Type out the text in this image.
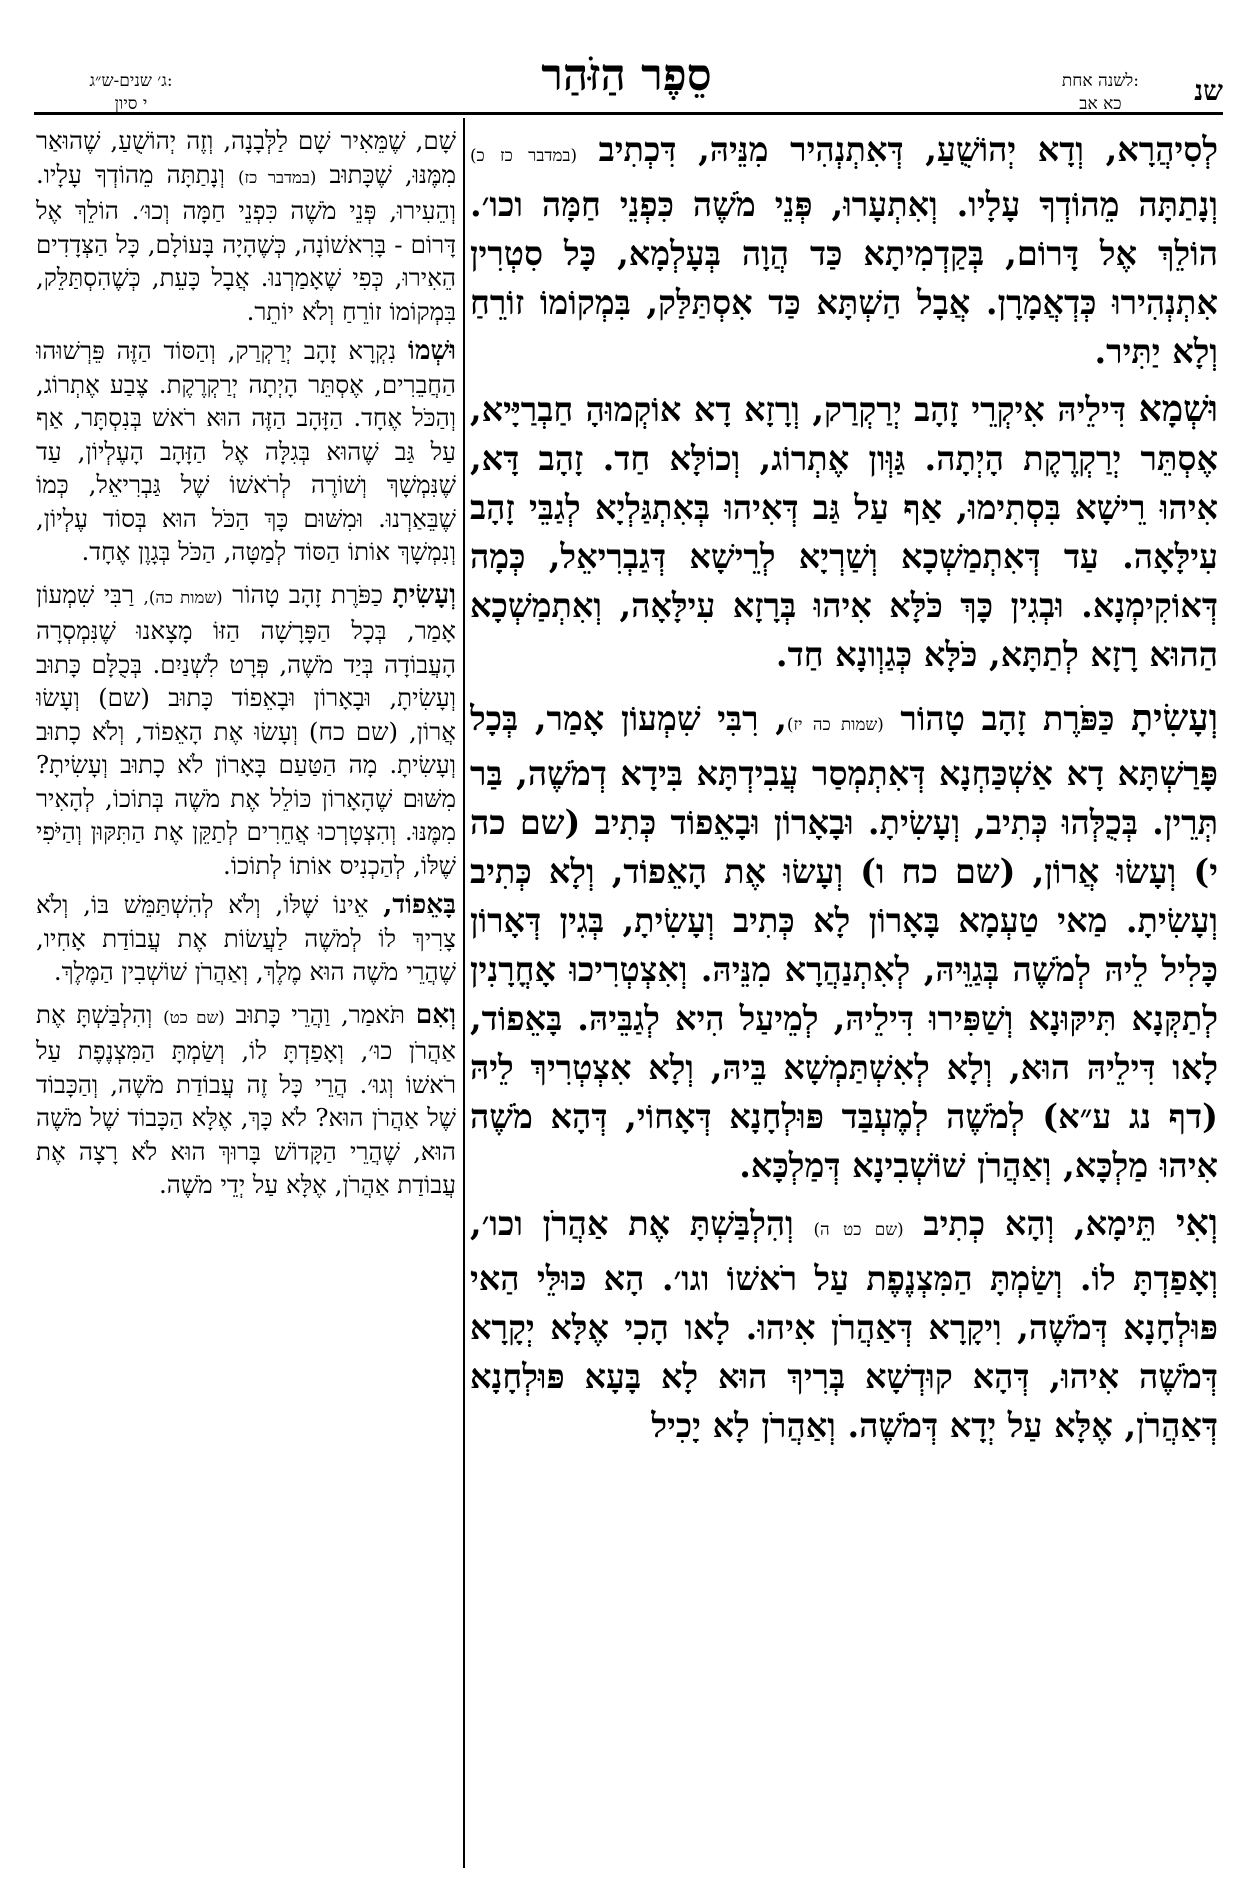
שנ
לשנה אחת:
כא אב
סֵפֶר הַזֹּהַר
ג׳ שנים-ש״ג:
י סיון

לְסִיהֲרָא, וְדָא יְהוֹשֻׁעַ, דְּאִתְנְהִיר מִנֵּיהּ, דִּכְתִיב (במדבר כז כ) וְנָתַתָּה מֵהוֹדְךָ עָלָיו. וְאִתְעָרוּ, פְּנֵי מֹשֶׁה כִּפְנֵי חַמָּה וכו׳. הוֹלֵךְ אֶל דָּרוֹם, בְּקַדְמִיתָא כַּד הֲוָה בְּעָלְמָא, כָּל סִטְרִין אִתְנְהִירוּ כְּדְאֲמָרָן. אֲבָל הַשְׁתָּא כַּד אִסְתַּלַּק, בִּמְקוֹמוֹ זוֹרֵחַ וְלָא יַתִּיר.

וּשְׁמָא דִּילֵיהּ אִיקְרֵי זָהָב יְרַקְרַק, וְרָזָא דָא אוֹקְמוּהָ חַבְרַיָּיא, אֶסְתֵּר יְרַקְרֶקֶת הָיְתָה. גַּוְּון אֶתְרוֹג, וְכוֹלָּא חַד. זָהָב דָּא, אִיהוּ רֵישָׁא בִּסְתִימוּ, אַף עַל גַּב דְּאִיהוּ בְּאִתְגַּלְיָא לְגַבֵּי זָהָב עִילָּאָה. עַד דְּאִתְמַשְׁכָא וְשַׁרְיָא לְרֵישָׁא דְּגַבְרִיאֵל, כְּמָה דְּאוֹקִימְנָא. וּבְגִין כָּךְ כֹּלָּא אִיהוּ בְּרָזָא עִילָּאָה, וְאִתְמַשְׁכָא הַהוּא רָזָא לְתַתָּא, כֹּלָּא כְּגַוְונָא חַד.

וְעָשִׂיתָ כַּפֹּרֶת זָהָב טָהוֹר (שמות כה יז), רִבִּי שִׁמְעוֹן אָמַר, בְּכָל פָּרַשְׁתָּא דָא אַשְׁכַּחְנָא דְּאִתְמְסַר עֲבִידְתָּא בִּידָא דְמֹשֶׁה, בַּר תְּרֵין. בְּכֻלְּהוּ כְּתִיב, וְעָשִׂיתָ. וּבָאָרוֹן וּבָאֵפוֹד כְּתִיב (שם כה י) וְעָשׂוּ אֲרוֹן, (שם כח ו) וְעָשׂוּ אֶת הָאֵפוֹד, וְלָא כְּתִיב וְעָשִׂיתָ. מַאי טַעְמָא בָּאָרוֹן לָא כְּתִיב וְעָשִׂיתָ, בְּגִין דְּאָרוֹן כָּלִיל לֵיהּ לְמֹשֶׁה בְּגַוֵּיהּ, לְאִתְנַהֲרָא מִנֵּיהּ. וְאִצְטְרִיכוּ אָחֳרָנִין לְתַקְּנָא תִּיקּוּנָא וְשַׁפִּירוּ דִּילֵיהּ, לְמֵיעַל הִיא לְגַבֵּיהּ. בָּאֵפוֹד, לָאו דִּילֵיהּ הוּא, וְלָא לְאִשְׁתַּמְשָׁא בֵּיהּ, וְלָא אִצְטְרִיךְ לֵיהּ (דף נג ע״א) לְמֹשֶׁה לְמֶעְבַּד פּוּלְחָנָא דְּאָחוֹי, דְּהָא מֹשֶׁה אִיהוּ מַלְכָּא, וְאַהֲרֹן שׁוֹשְׁבִינָא דְּמַלְכָּא.

וְאִי תֵּימָא, וְהָא כְתִיב (שם כט ה) וְהִלְבַּשְׁתָּ אֶת אַהֲרֹן וכו׳, וְאָפַדְתָּ לוֹ. וְשַׂמְתָּ הַמִּצְנֶפֶת עַל רֹאשׁוֹ וגו׳. הָא כּוּלֵּי הַאי פּוּלְחָנָא דְּמֹשֶׁה, וִיקָרָא דְּאַהֲרֹן אִיהוּ. לָאו הָכִי אֶלָּא יְקָרָא דְּמֹשֶׁה אִיהוּ, דְּהָא קוּדְשָׁא בְּרִיךְ הוּא לָא בָּעָא פּוּלְחָנָא דְּאַהֲרֹן, אֶלָּא עַל יְדָא דְּמֹשֶׁה. וְאַהֲרֹן לָא יָכִיל

שָׁם, שֶׁמֵּאִיר שָׁם לַלְּבָנָה, וְזֶה יְהוֹשֻׁעַ, שֶׁהוּאַר מִמֶּנּוּ, שֶׁכָּתוּב (במדבר כז) וְנָתַתָּה מֵהוֹדְךָ עָלָיו. וְהֵעִירוּ, פְּנֵי מֹשֶׁה כִּפְנֵי חַמָּה וְכוּ׳. הוֹלֵךְ אֶל דָּרוֹם - בָּרִאשׁוֹנָה, כְּשֶׁהָיָה בָּעוֹלָם, כָּל הַצְּדָדִים הֵאִירוּ, כְּפִי שֶׁאָמַרְנוּ. אֲבָל כָּעֵת, כְּשֶׁהִסְתַּלֵּק, בִּמְקוֹמוֹ זוֹרֵחַ וְלֹא יוֹתֵר.

וּשְׁמוֹ נִקְרָא זָהָב יְרַקְרַק, וְהַסּוֹד הַזֶּה פֵּרְשׁוּהוּ הַחֲבֵרִים, אֶסְתֵּר הָיְתָה יְרַקְרֶקֶת. צֶבַע אֶתְרוֹג, וְהַכֹּל אֶחָד. הַזָּהָב הַזֶּה הוּא רֹאשׁ בְּנִסְתָּר, אַף עַל גַּב שֶׁהוּא בְּגִלָּה אֶל הַזָּהָב הָעֶלְיוֹן, עַד שֶׁנִּמְשָׁךְ וְשׁוֹרֶה לְרֹאשׁוֹ שֶׁל גַּבְרִיאֵל, כְּמוֹ שֶׁבֵּאַרְנוּ. וּמִשּׁוּם כָּךְ הַכֹּל הוּא בְּסוֹד עֶלְיוֹן, וְנִמְשָׁךְ אוֹתוֹ הַסּוֹד לְמַטָּה, הַכֹּל בְּגָוֶן אֶחָד.

וְעָשִׂיתָ כַפֹּרֶת זָהָב טָהוֹר (שמות כה), רַבִּי שִׁמְעוֹן אָמַר, בְּכָל הַפָּרָשָׁה הַזּוֹ מָצָאנוּ שֶׁנִּמְסְרָה הָעֲבוֹדָה בְּיַד מֹשֶׁה, פְּרָט לִשְׁנַיִם. בְּכֻלָּם כָּתוּב וְעָשִׂיתָ, וּבָאָרוֹן וּבָאֵפוֹד כָּתוּב (שם) וְעָשׂוּ אֲרוֹן, (שם כח) וְעָשׂוּ אֶת הָאֵפוֹד, וְלֹא כָתוּב וְעָשִׂיתָ. מָה הַטַּעַם בָּאָרוֹן לֹא כָתוּב וְעָשִׂיתָ? מִשּׁוּם שֶׁהָאָרוֹן כּוֹלֵל אֶת מֹשֶׁה בְּתוֹכוֹ, לְהָאִיר מִמֶּנּוּ. וְהִצְטָרְכוּ אֲחֵרִים לְתַקֵּן אֶת הַתִּקּוּן וְהַיֹּפִי שֶׁלּוֹ, לְהַכְנִיס אוֹתוֹ לְתוֹכוֹ.

בָּאֵפוֹד, אֵינוֹ שֶׁלּוֹ, וְלֹא לְהִשְׁתַּמֵּשׁ בּוֹ, וְלֹא צָרִיךְ לוֹ לְמֹשֶׁה לַעֲשׂוֹת אֶת עֲבוֹדַת אָחִיו, שֶׁהֲרֵי מֹשֶׁה הוּא מֶלֶךְ, וְאַהֲרֹן שׁוֹשְׁבִין הַמֶּלֶךְ.

וְאִם תֹּאמַר, וַהֲרֵי כָּתוּב (שם כט) וְהִלְבַּשְׁתָּ אֶת אַהֲרֹן כוּ׳, וְאָפַדְתָּ לוֹ, וְשַׂמְתָּ הַמִּצְנֶפֶת עַל רֹאשׁוֹ וְגוּ׳. הֲרֵי כָּל זֶה עֲבוֹדַת מֹשֶׁה, וְהַכָּבוֹד שֶׁל אַהֲרֹן הוּא? לֹא כָּךְ, אֶלָּא הַכָּבוֹד שֶׁל מֹשֶׁה הוּא, שֶׁהֲרֵי הַקָּדוֹשׁ בָּרוּךְ הוּא לֹא רָצָה אֶת עֲבוֹדַת אַהֲרֹן, אֶלָּא עַל יְדֵי מֹשֶׁה.
